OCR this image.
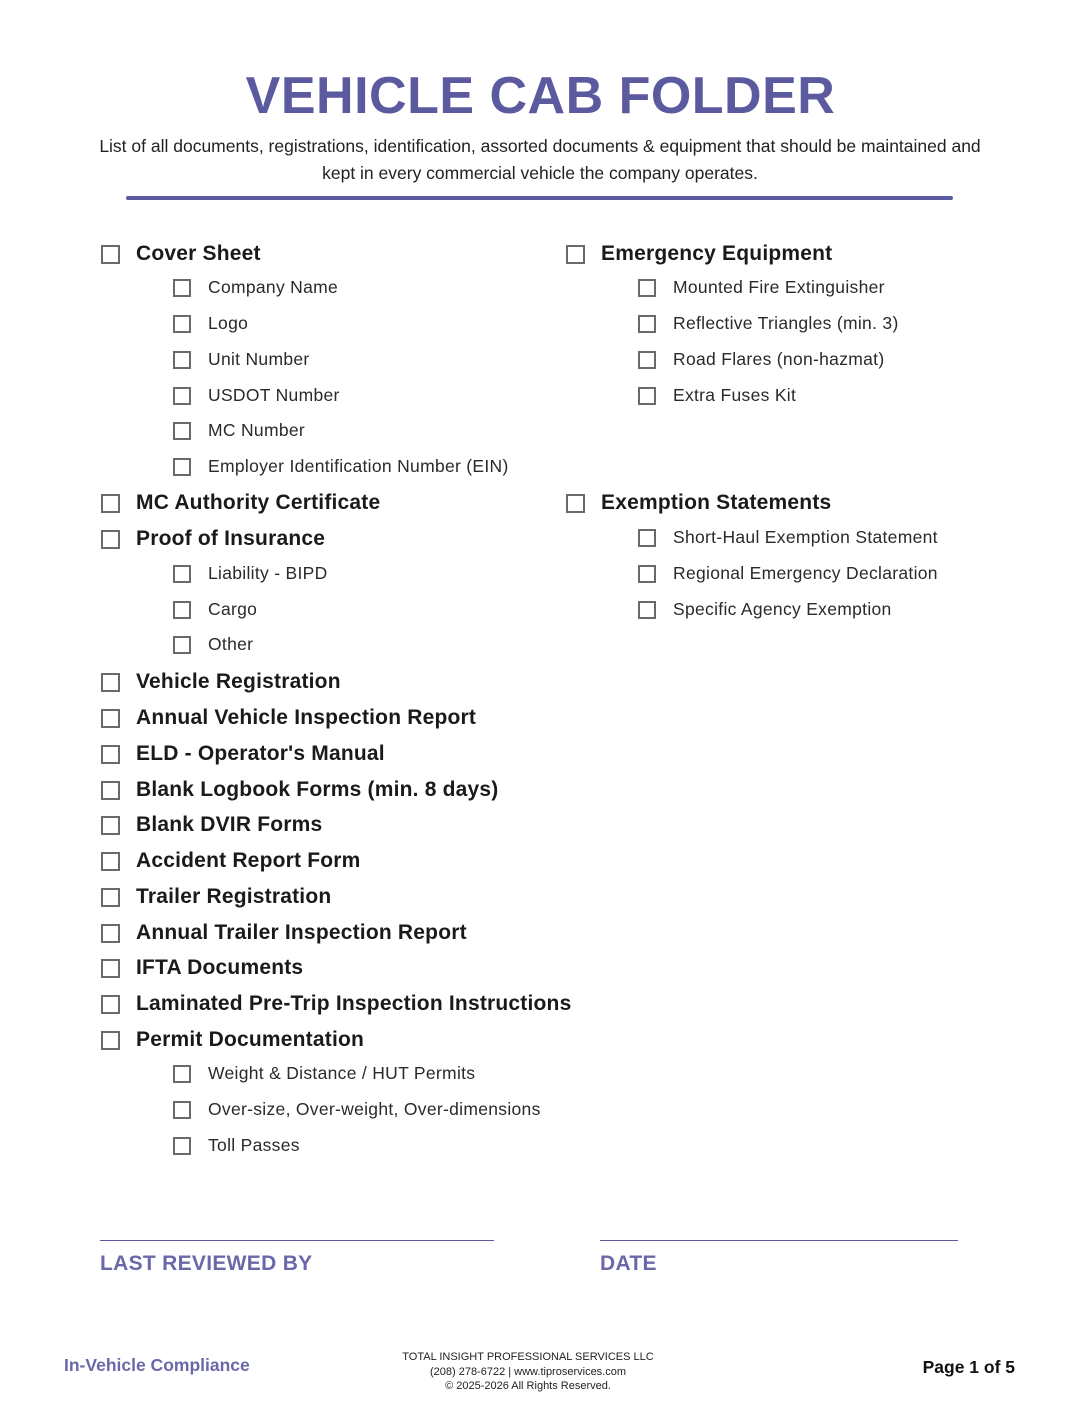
VEHICLE CAB FOLDER
List of all documents, registrations, identification, assorted documents & equipment that should be maintained and kept in every commercial vehicle the company operates.
Cover Sheet
Company Name
Logo
Unit Number
USDOT Number
MC Number
Employer Identification Number (EIN)
MC Authority Certificate
Proof of Insurance
Liability - BIPD
Cargo
Other
Vehicle Registration
Annual Vehicle Inspection Report
ELD - Operator's Manual
Blank Logbook Forms (min. 8 days)
Blank DVIR Forms
Accident Report Form
Trailer Registration
Annual Trailer Inspection Report
IFTA Documents
Laminated Pre-Trip Inspection Instructions
Permit Documentation
Weight & Distance / HUT Permits
Over-size, Over-weight, Over-dimensions
Toll Passes
Emergency Equipment
Mounted Fire Extinguisher
Reflective Triangles (min. 3)
Road Flares (non-hazmat)
Extra Fuses Kit
Exemption Statements
Short-Haul Exemption Statement
Regional Emergency Declaration
Specific Agency Exemption
LAST REVIEWED BY	DATE
In-Vehicle Compliance	TOTAL INSIGHT PROFESSIONAL SERVICES LLC
(208) 278-6722 | www.tiproservices.com
© 2025-2026 All Rights Reserved.
Page 1 of 5
